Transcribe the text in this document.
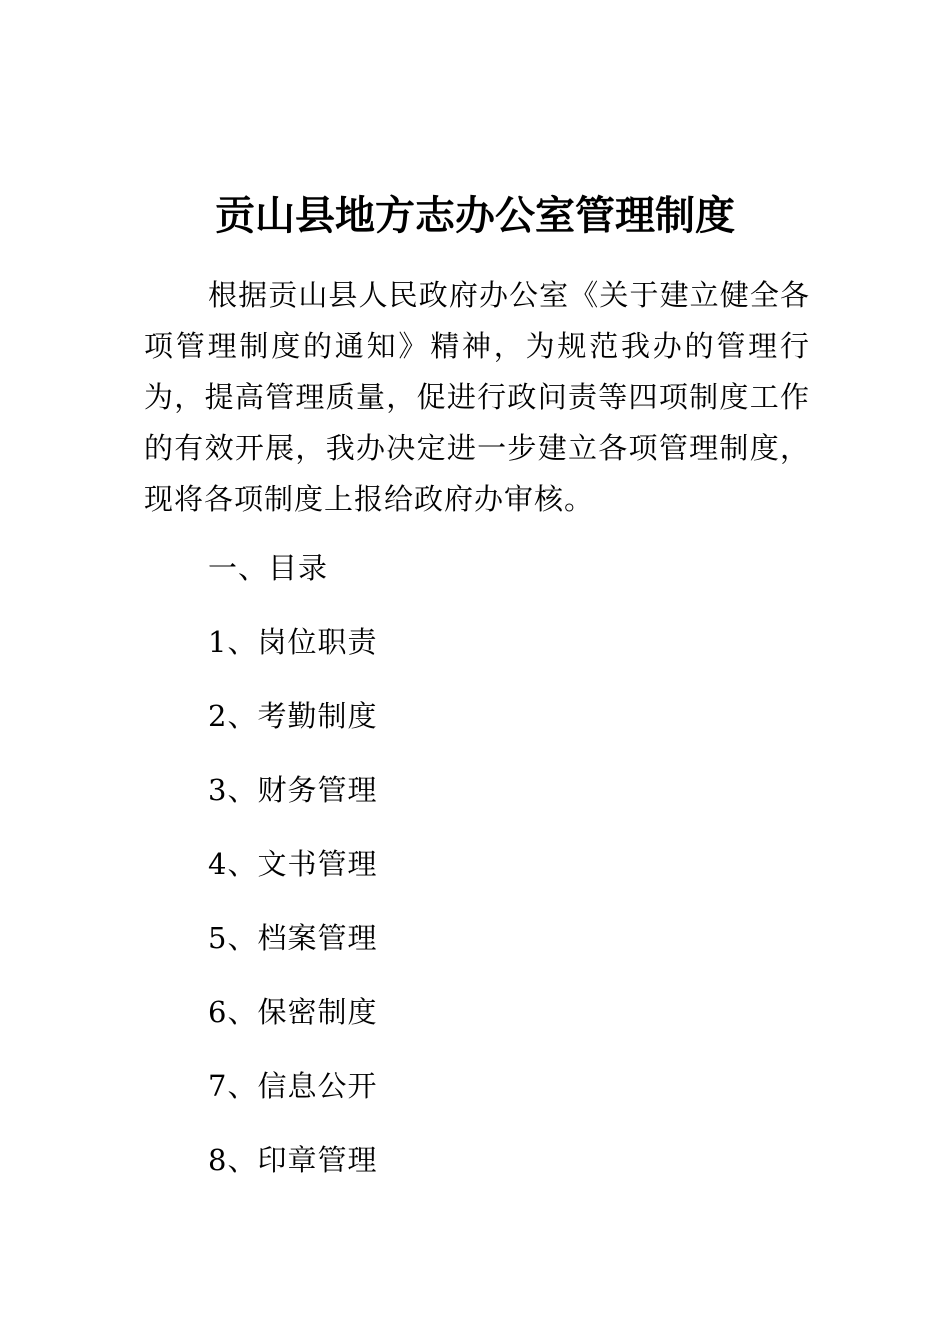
贡山县地方志办公室管理制度

根据贡山县人民政府办公室《关于建立健全各项管理制度的通知》精神，为规范我办的管理行为，提高管理质量，促进行政问责等四项制度工作的有效开展，我办决定进一步建立各项管理制度，现将各项制度上报给政府办审核。

一、目录

1、岗位职责
2、考勤制度
3、财务管理
4、文书管理
5、档案管理
6、保密制度
7、信息公开
8、印章管理
